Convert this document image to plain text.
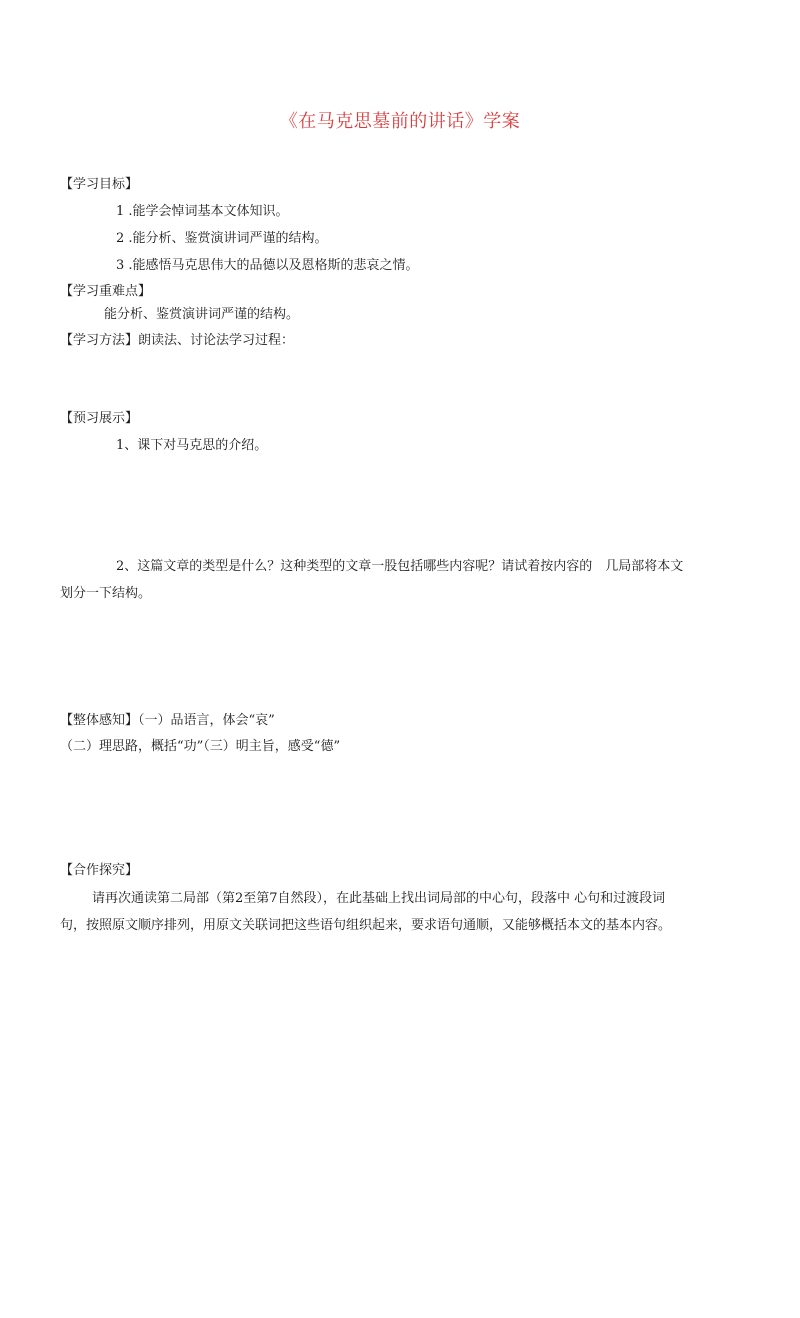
《在马克思墓前的讲话》学案
【学习目标】
1 .能学会悼词基本文体知识。
2 .能分析、鉴赏演讲词严谨的结构。
3 .能感悟马克思伟大的品德以及恩格斯的悲哀之情。
【学习重难点】
能分析、鉴赏演讲词严谨的结构。
【学习方法】朗读法、讨论法学习过程：
【预习展示】
1、课下对马克思的介绍。
2、这篇文章的类型是什么？这种类型的文章一股包括哪些内容呢？请试着按内容的　几局部将本文
划分一下结构。
【整体感知】（一）品语言，体会“哀”
（二）理思路，概括“功”（三）明主旨，感受“德”
【合作探究】
请再次通读第二局部（第2至第7自然段），在此基础上找出词局部的中心句，段落中 心句和过渡段词
句，按照原文顺序排列，用原文关联词把这些语句组织起来，要求语句通顺，又能够概括本文的基本内容。
